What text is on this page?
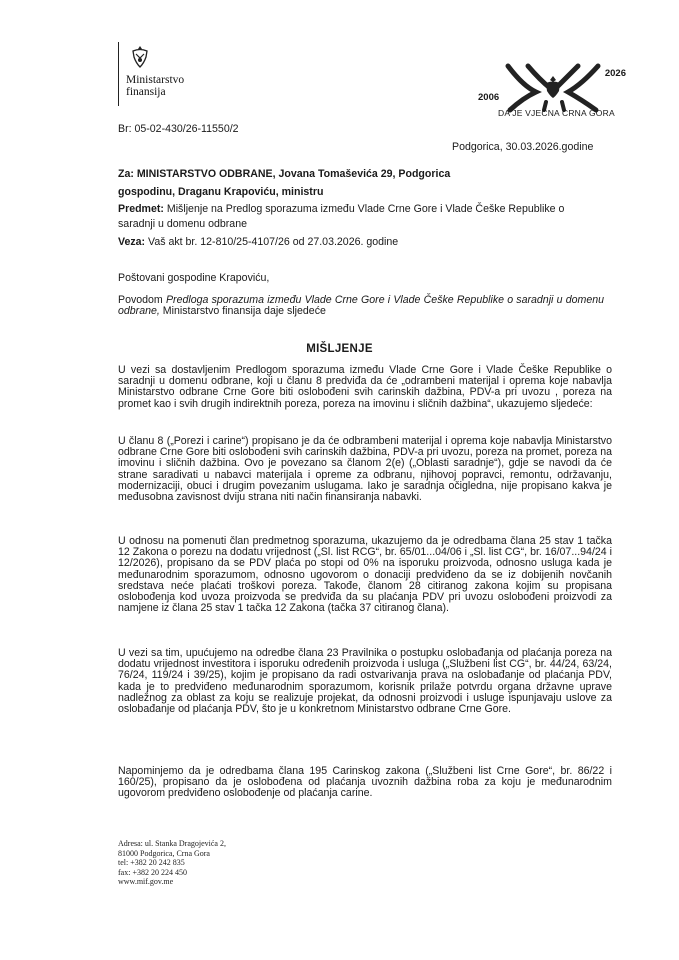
Ministarstvo
finansija	2006
2026
DA JE VJEČNA CRNA GORA
Br: 05-02-430/26-11550/2
Podgorica, 30.03.2026.godine
Za: MINISTARSTVO ODBRANE, Jovana Tomaševića 29, Podgorica
gospodinu, Draganu Krapoviću, ministru
Predmet: Mišljenje na Predlog sporazuma između Vlade Crne Gore i Vlade Češke Republike o
saradnji u domenu odbrane
Veza: Vaš akt br. 12-810/25-4107/26 od 27.03.2026. godine
Poštovani gospodine Krapoviću,
Povodom Predloga sporazuma između Vlade Crne Gore i Vlade Češke Republike o saradnji u domenu odbrane, Ministarstvo finansija daje sljedeće
MIŠLJENJE
U vezi sa dostavljenim Predlogom sporazuma između Vlade Crne Gore i Vlade Češke Republike o saradnji u domenu odbrane, koji u članu 8 predviđa da će „odrambeni materijal i oprema koje nabavlja Ministarstvo odbrane Crne Gore biti oslobođeni svih carinskih dažbina, PDV-a pri uvozu , poreza na promet kao i svih drugih indirektnih poreza, poreza na imovinu i sličnih dažbina“, ukazujemo sljedeće:
U članu 8 („Porezi i carine“) propisano je da će odbrambeni materijal i oprema koje nabavlja Ministarstvo odbrane Crne Gore biti oslobođeni svih carinskih dažbina, PDV-a pri uvozu, poreza na promet, poreza na imovinu i sličnih dažbina. Ovo je povezano sa članom 2(e) („Oblasti saradnje“), gdje se navodi da će strane saradivati u nabavci materijala i opreme za odbranu, njihovoj popravci, remontu, održavanju, modernizaciji, obuci i drugim povezanim uslugama. Iako je saradnja očigledna, nije propisano kakva je međusobna zavisnost dviju strana niti način finansiranja nabavki.
U odnosu na pomenuti član predmetnog sporazuma, ukazujemo da je odredbama člana 25 stav 1 tačka 12 Zakona o porezu na dodatu vrijednost („Sl. list RCG“, br. 65/01...04/06 i „Sl. list CG“, br. 16/07...94/24 i 12/2026), propisano da se PDV plaća po stopi od 0% na isporuku proizvoda, odnosno usluga kada je međunarodnim sporazumom, odnosno ugovorom o donaciji predviđeno da se iz dobijenih novčanih sredstava neće plaćati troškovi poreza. Takođe, članom 28 citiranog zakona kojim su propisana oslobođenja kod uvoza proizvoda se predviđa da su plaćanja PDV pri uvozu oslobođeni proizvodi za namjene iz člana 25 stav 1 tačka 12 Zakona (tačka 37 citiranog člana).
U vezi sa tim, upućujemo na odredbe člana 23 Pravilnika o postupku oslobađanja od plaćanja poreza na dodatu vrijednost investitora i isporuku određenih proizvoda i usluga („Službeni list CG“, br. 44/24, 63/24, 76/24, 119/24 i 39/25), kojim je propisano da radi ostvarivanja prava na oslobađanje od plaćanja PDV, kada je to predviđeno međunarodnim sporazumom, korisnik prilaže potvrdu organa državne uprave nadležnog za oblast za koju se realizuje projekat, da odnosni proizvodi i usluge ispunjavaju uslove za oslobađanje od plaćanja PDV, što je u konkretnom Ministarstvo odbrane Crne Gore.
Napominjemo da je odredbama člana 195 Carinskog zakona („Službeni list Crne Gore“, br. 86/22 i 160/25), propisano da je oslobođena od plaćanja uvoznih dažbina roba za koju je međunarodnim ugovorom predviđeno oslobođenje od plaćanja carine.
Adresa: ul. Stanka Dragojevića 2,
81000 Podgorica, Crna Gora
tel: +382 20 242 835
fax: +382 20 224 450
www.mif.gov.me
